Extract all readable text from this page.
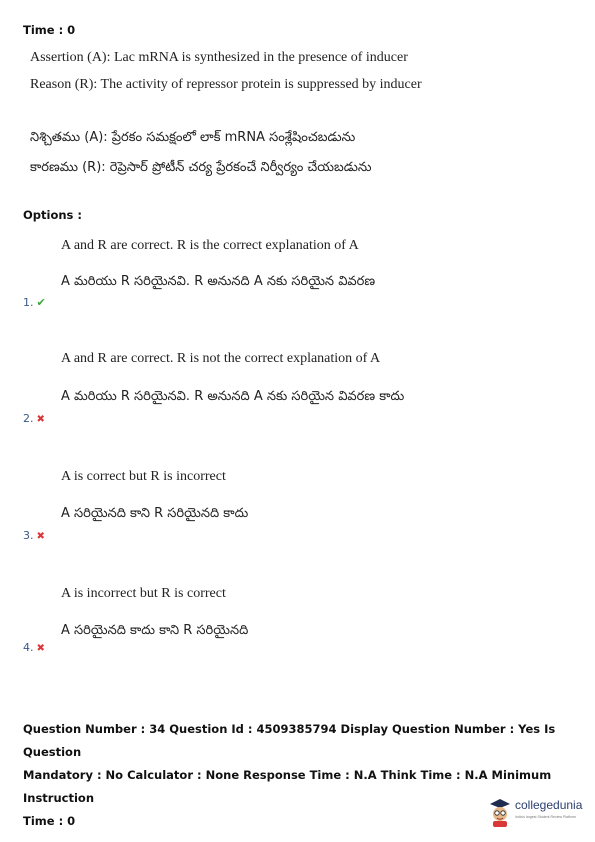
Time : 0
Assertion (A): Lac mRNA is synthesized in the presence of inducer
Reason (R): The activity of repressor protein is suppressed by inducer
నిశ్చితము (A): ప్రేరకం సమక్షంలో లాక్ mRNA సంశ్లేషించబడును
కారణము (R): రెప్రెసార్ ప్రోటీన్ చర్య ప్రేరకంచే నిర్వీర్యం చేయబడును
Options :
A and R are correct. R is the correct explanation of A
A మరియు R సరియైనవి. R అనునది A నకు సరియైన వివరణ
1. ✔
A and R are correct. R is not the correct explanation of A
A మరియు R సరియైనవి. R అనునది A నకు సరియైన వివరణ కాదు
2. ✖
A is correct but R is incorrect
A సరియైనది కాని R సరియైనది కాదు
3. ✖
A is incorrect but R is correct
A సరియైనది కాదు కాని R సరియైనది
4. ✖
Question Number : 34 Question Id : 4509385794 Display Question Number : Yes Is Question
Mandatory : No Calculator : None Response Time : N.A Think Time : N.A Minimum Instruction
Time : 0
collegedunia
India's largest Student Review Platform
